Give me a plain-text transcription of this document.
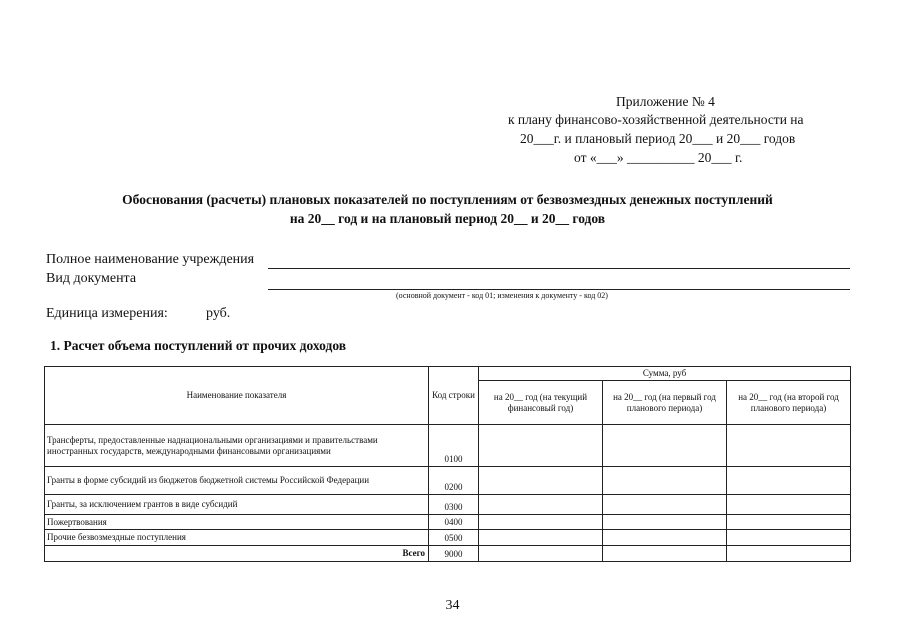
Приложение № 4
к плану финансово-хозяйственной деятельности на
20___г. и плановый период 20___ и 20___ годов
от «___» __________ 20___ г.
Обоснования (расчеты) плановых показателей по поступлениям от безвозмездных денежных поступлений
на 20__ год и на плановый период 20__ и 20__ годов
Полное наименование учреждения
Вид документа
(основной документ - код 01; изменения к документу - код 02)
Единица измерения:	руб.
1. Расчет объема поступлений от прочих доходов
Наименование показателя	Код строки	Сумма, руб		
		на 20__ год (на текущий финансовый год)	на 20__ год (на первый год планового периода)	на 20__ год (на второй год планового периода)
Трансферты, предоставленные наднациональными организациями и правительствами иностранных государств, международными финансовыми организациями	0100			
Гранты в форме субсидий из бюджетов бюджетной системы Российской Федерации	0200			
Гранты, за исключением грантов в виде субсидий	0300			
Пожертвования	0400			
Прочие безвозмездные поступления	0500			
Всего	9000			
34
